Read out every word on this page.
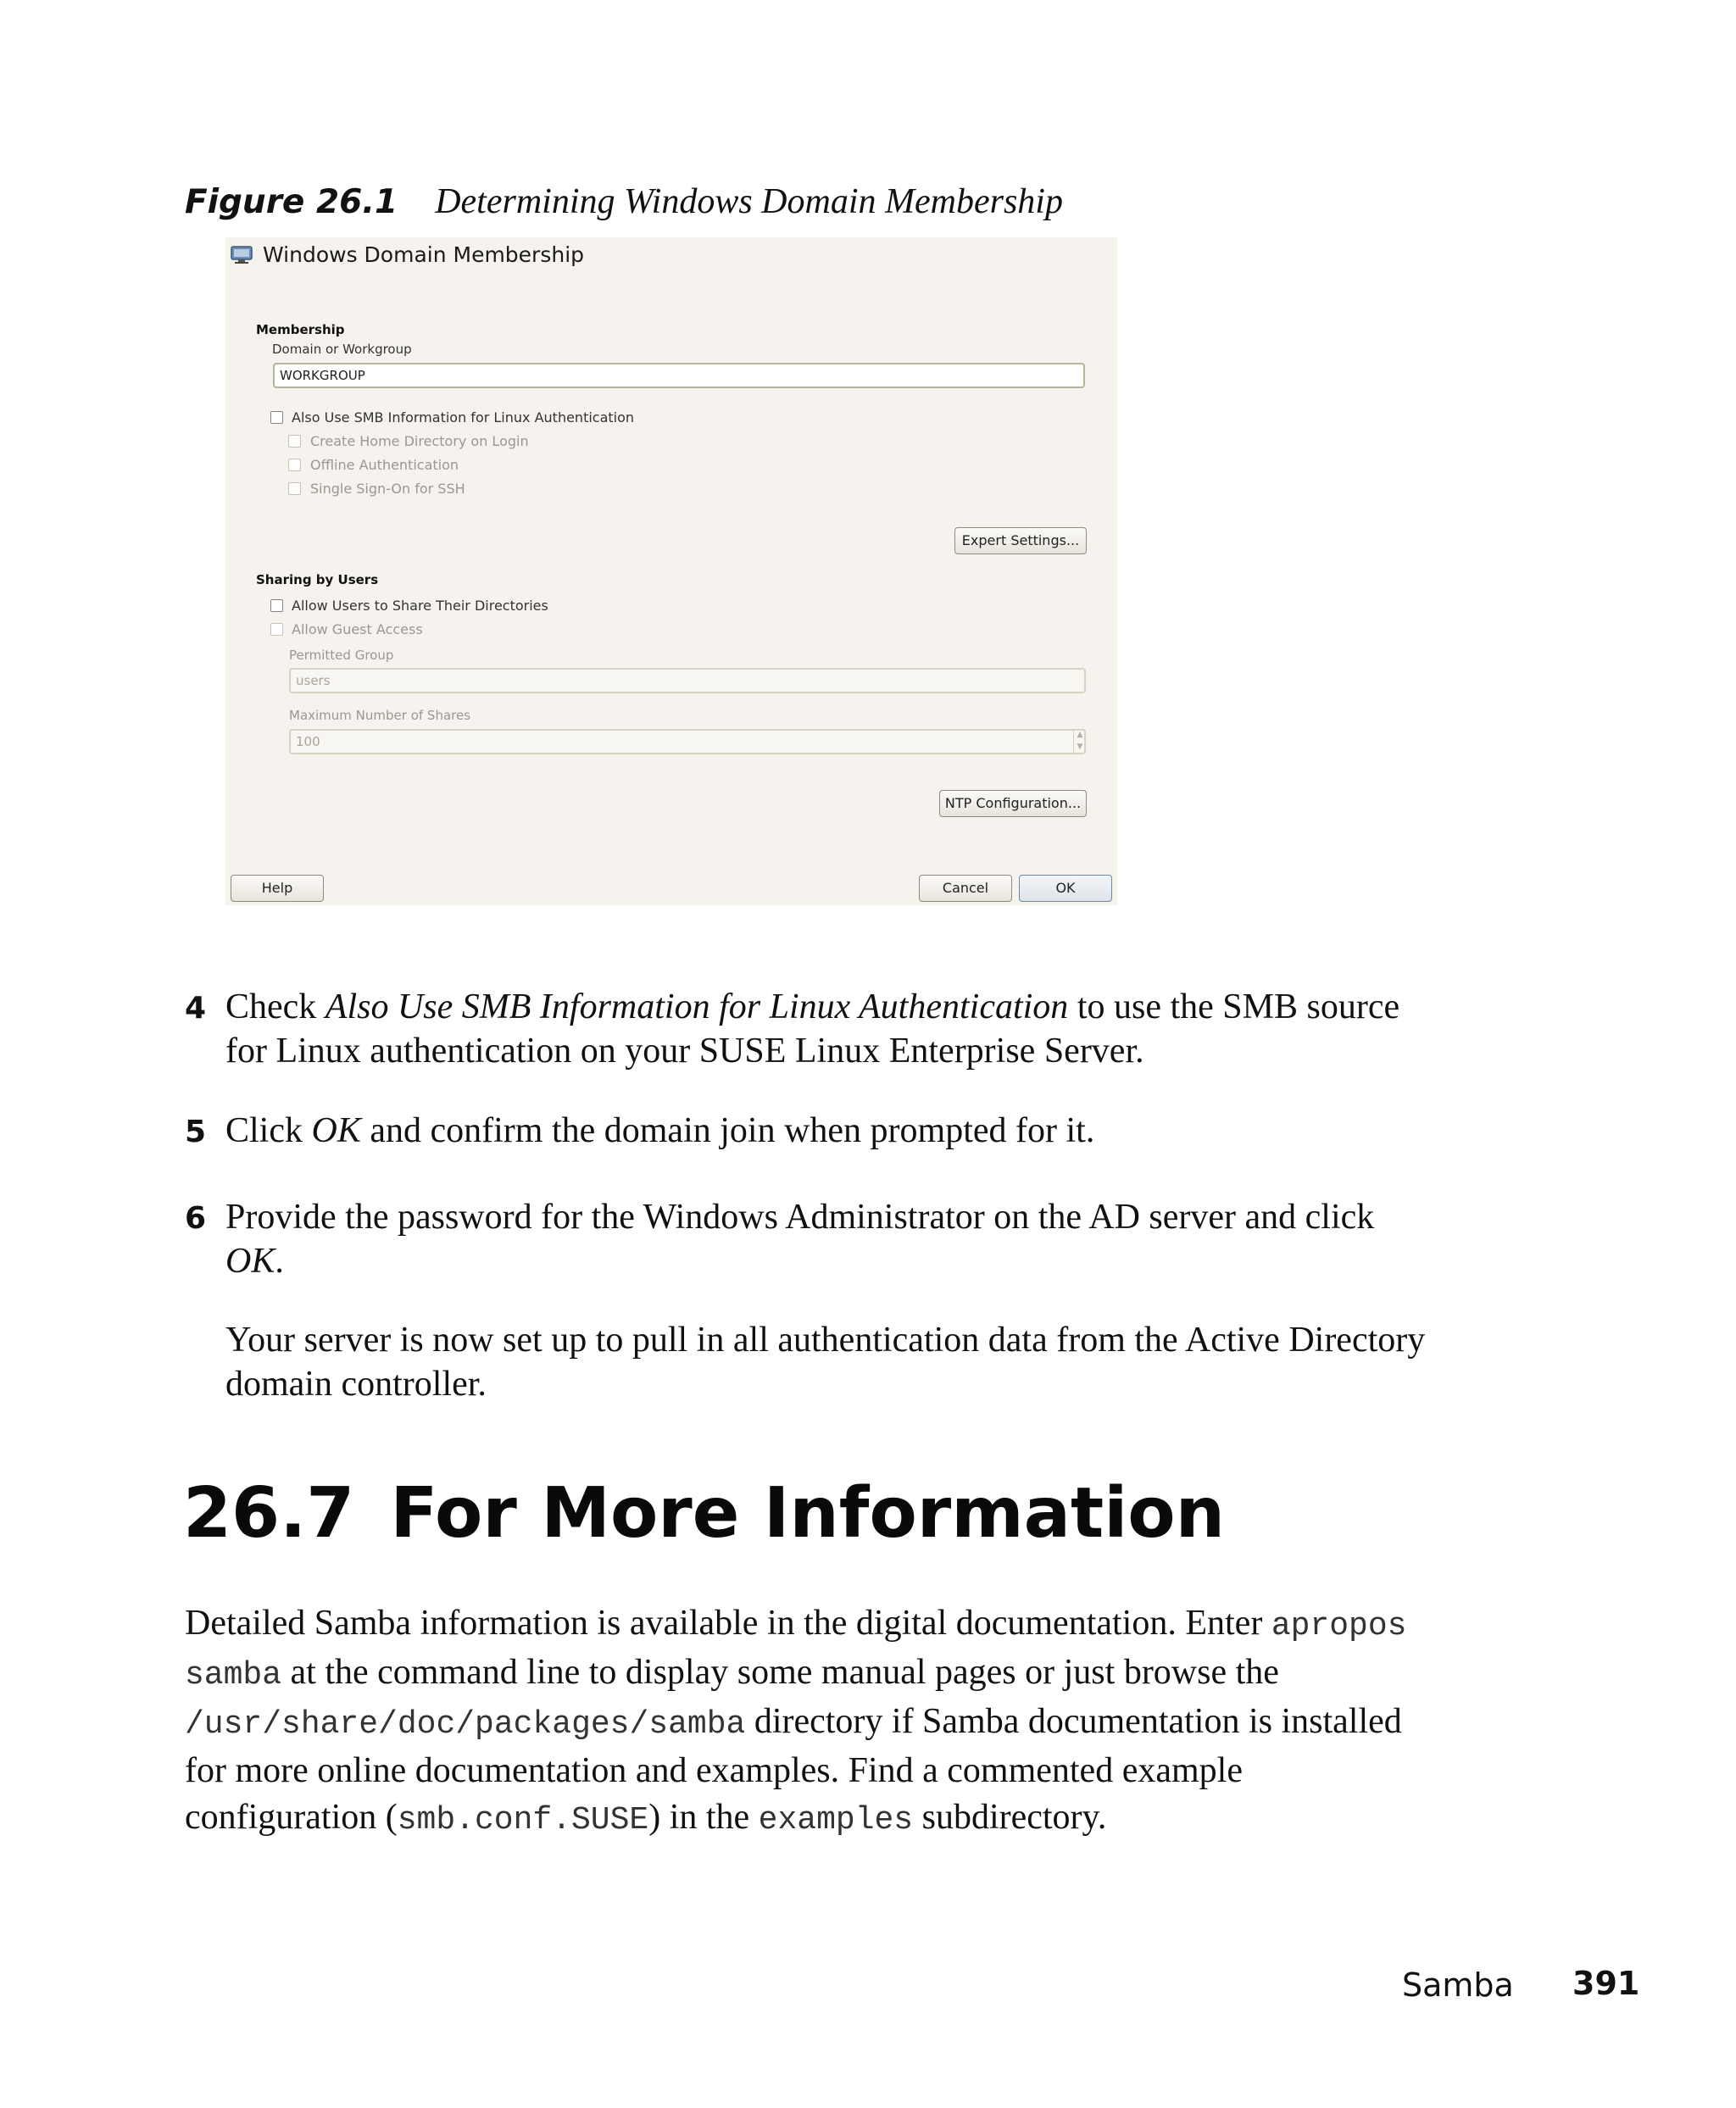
Figure 26.1 Determining Windows Domain Membership
Windows Domain Membership
Membership
Domain or Workgroup
WORKGROUP
Also Use SMB Information for Linux Authentication
Create Home Directory on Login
Offline Authentication
Single Sign-On for SSH
Expert Settings...
Sharing by Users
Allow Users to Share Their Directories
Allow Guest Access
Permitted Group
users
Maximum Number of Shares
100	▲
▼
NTP Configuration...
Help	Cancel	OK
4 Check Also Use SMB Information for Linux Authentication to use the SMB source for Linux authentication on your SUSE Linux Enterprise Server.
5 Click OK and confirm the domain join when prompted for it.
6 Provide the password for the Windows Administrator on the AD server and click OK.
Your server is now set up to pull in all authentication data from the Active Directory domain controller.
26.7 For More Information
Detailed Samba information is available in the digital documentation. Enter apropos samba at the command line to display some manual pages or just browse the /usr/share/doc/packages/samba directory if Samba documentation is installed for more online documentation and examples. Find a commented example configuration (smb.conf.SUSE) in the examples subdirectory.
Samba 391
